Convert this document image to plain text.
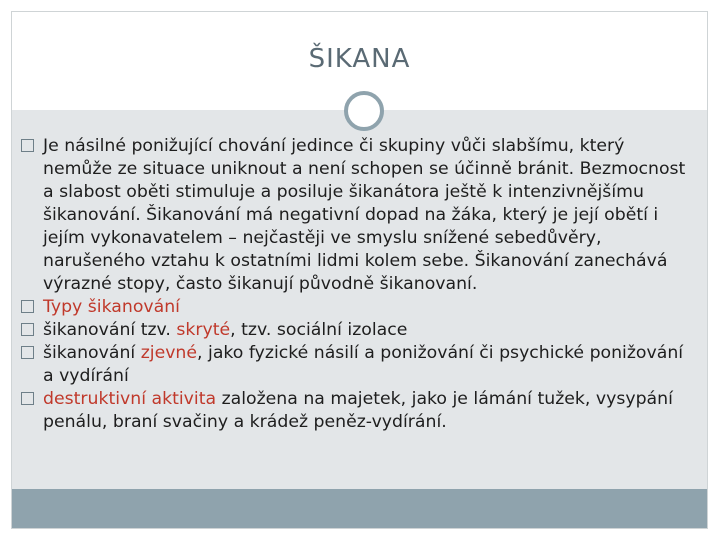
ŠIKANA

Je násilné ponižující chování jedince či skupiny vůči slabšímu, který nemůže ze situace uniknout a není schopen se účinně bránit. Bezmocnost a slabost oběti stimuluje a posiluje šikanátora ještě k intenzivnějšímu šikanování. Šikanování má negativní dopad na žáka, který je její obětí i jejím vykonavatelem – nejčastěji ve smyslu snížené sebedůvěry, narušeného vztahu k ostatními lidmi kolem sebe. Šikanování zanechává výrazné stopy, často šikanují původně šikanovaní.

Typy šikanování

šikanování tzv. skryté, tzv. sociální izolace

šikanování zjevné, jako fyzické násilí a ponižování či psychické ponižování a vydírání

destruktivní aktivita založena na majetek, jako je lámání tužek, vysypání penálu, braní svačiny a krádež peněz-vydírání.
